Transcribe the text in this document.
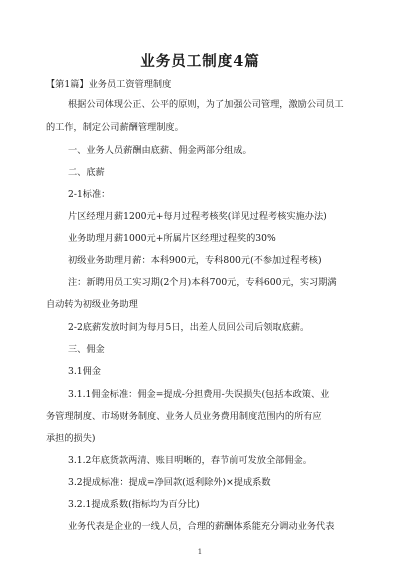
业务员工制度4篇
【第1篇】业务员工资管理制度
根据公司体现公正、公平的原则，为了加强公司管理，激励公司员工
的工作，制定公司薪酬管理制度。
一、业务人员薪酬由底薪、佣金两部分组成。
二、底薪
2-1标准：
片区经理月薪1200元+每月过程考核奖(详见过程考核实施办法)
业务助理月薪1000元+所属片区经理过程奖的30%
初级业务助理月薪：本科900元，专科800元(不参加过程考核)
注：新聘用员工实习期(2个月)本科700元，专科600元，实习期满
自动转为初级业务助理
2-2底薪发放时间为每月5日，出差人员回公司后领取底薪。
三、佣金
3.1佣金
3.1.1佣金标准：佣金=提成-分担费用-失误损失(包括本政策、业
务管理制度、市场财务制度、业务人员业务费用制度范围内的所有应
承担的损失)
3.1.2年底货款两清、账目明晰的，春节前可发放全部佣金。
3.2提成标准：提成=净回款(返利除外)×提成系数
3.2.1提成系数(指标均为百分比)
业务代表是企业的一线人员，合理的薪酬体系能充分调动业务代表
1
